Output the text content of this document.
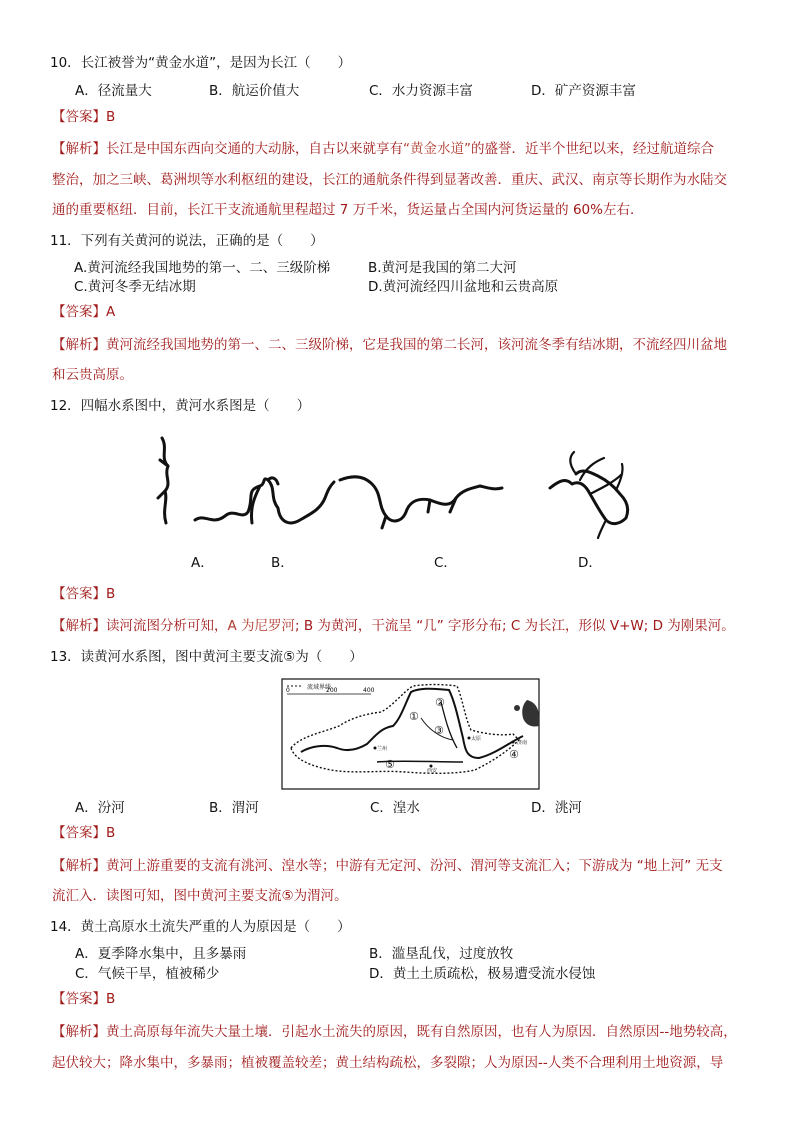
10．长江被誉为“黄金水道”，是因为长江（　　）
A．径流量大	B．航运价值大	C．水力资源丰富	D．矿产资源丰富
【答案】B
【解析】长江是中国东西向交通的大动脉，自古以来就享有“黄金水道”的盛誉．近半个世纪以来，经过航道综合
整治，加之三峡、葛洲坝等水利枢纽的建设，长江的通航条件得到显著改善．重庆、武汉、南京等长期作为水陆交
通的重要枢纽．目前，长江干支流通航里程超过 7 万千米，货运量占全国内河货运量的 60%左右．
11．下列有关黄河的说法，正确的是（　　）
A.黄河流经我国地势的第一、二、三级阶梯	B.黄河是我国的第二大河
C.黄河冬季无结冰期	D.黄河流经四川盆地和云贵高原
【答案】A
【解析】黄河流经我国地势的第一、二、三级阶梯，它是我国的第二长河，该河流冬季有结冰期，不流经四川盆地
和云贵高原。
12．四幅水系图中，黄河水系图是（　　）
A．	B．	C．	D．
【答案】B
【解析】读河流图分析可知，A 为尼罗河; B 为黄河，干流呈 “几” 字形分布; C 为长江，形似 V+W; D 为刚果河。
13．读黄河水系图，图中黄河主要支流⑤为（　　）
流域界线
0	200	400
①
②
③
④
⑤
兰州
太原
西安
济南
A．汾河	B．渭河	C．湟水	D．洮河
【答案】B
【解析】黄河上游重要的支流有洮河、湟水等；中游有无定河、汾河、渭河等支流汇入；下游成为 “地上河” 无支
流汇入．读图可知，图中黄河主要支流⑤为渭河。
14．黄土高原水土流失严重的人为原因是（　　）
A．夏季降水集中，且多暴雨	B．滥垦乱伐，过度放牧
C．气候干旱，植被稀少	D．黄土土质疏松，极易遭受流水侵蚀
【答案】B
【解析】黄土高原每年流失大量土壤．引起水土流失的原因，既有自然原因，也有人为原因．自然原因--地势较高，
起伏较大；降水集中，多暴雨；植被覆盖较差；黄土结构疏松，多裂隙；人为原因--人类不合理利用土地资源，导
